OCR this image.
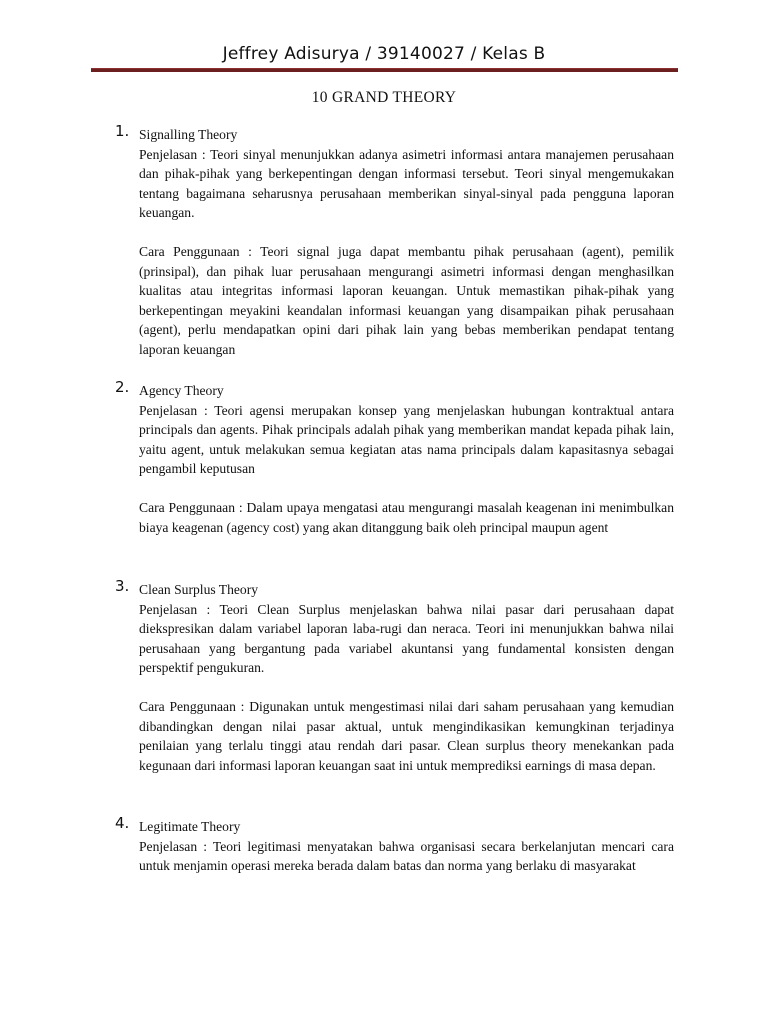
Jeffrey Adisurya / 39140027 / Kelas B
10 GRAND THEORY
1. Signalling Theory

Penjelasan : Teori sinyal menunjukkan adanya asimetri informasi antara manajemen perusahaan dan pihak-pihak yang berkepentingan dengan informasi tersebut. Teori sinyal mengemukakan tentang bagaimana seharusnya perusahaan memberikan sinyal-sinyal pada pengguna laporan keuangan.

Cara Penggunaan : Teori signal juga dapat membantu pihak perusahaan (agent), pemilik (prinsipal), dan pihak luar perusahaan mengurangi asimetri informasi dengan menghasilkan kualitas atau integritas informasi laporan keuangan. Untuk memastikan pihak-pihak yang berkepentingan meyakini keandalan informasi keuangan yang disampaikan pihak perusahaan (agent), perlu mendapatkan opini dari pihak lain yang bebas memberikan pendapat tentang laporan keuangan

2. Agency Theory

Penjelasan : Teori agensi merupakan konsep yang menjelaskan hubungan kontraktual antara principals dan agents. Pihak principals adalah pihak yang memberikan mandat kepada pihak lain, yaitu agent, untuk melakukan semua kegiatan atas nama principals dalam kapasitasnya sebagai pengambil keputusan

Cara Penggunaan : Dalam upaya mengatasi atau mengurangi masalah keagenan ini menimbulkan biaya keagenan (agency cost) yang akan ditanggung baik oleh principal maupun agent

3. Clean Surplus Theory

Penjelasan : Teori Clean Surplus menjelaskan bahwa nilai pasar dari perusahaan dapat diekspresikan dalam variabel laporan laba-rugi dan neraca. Teori ini menunjukkan bahwa nilai perusahaan yang bergantung pada variabel akuntansi yang fundamental konsisten dengan perspektif pengukuran.

Cara Penggunaan : Digunakan untuk mengestimasi nilai dari saham perusahaan yang kemudian dibandingkan dengan nilai pasar aktual, untuk mengindikasikan kemungkinan terjadinya penilaian yang terlalu tinggi atau rendah dari pasar. Clean surplus theory menekankan pada kegunaan dari informasi laporan keuangan saat ini untuk memprediksi earnings di masa depan.

4. Legitimate Theory

Penjelasan : Teori legitimasi menyatakan bahwa organisasi secara berkelanjutan mencari cara untuk menjamin operasi mereka berada dalam batas dan norma yang berlaku di masyarakat
